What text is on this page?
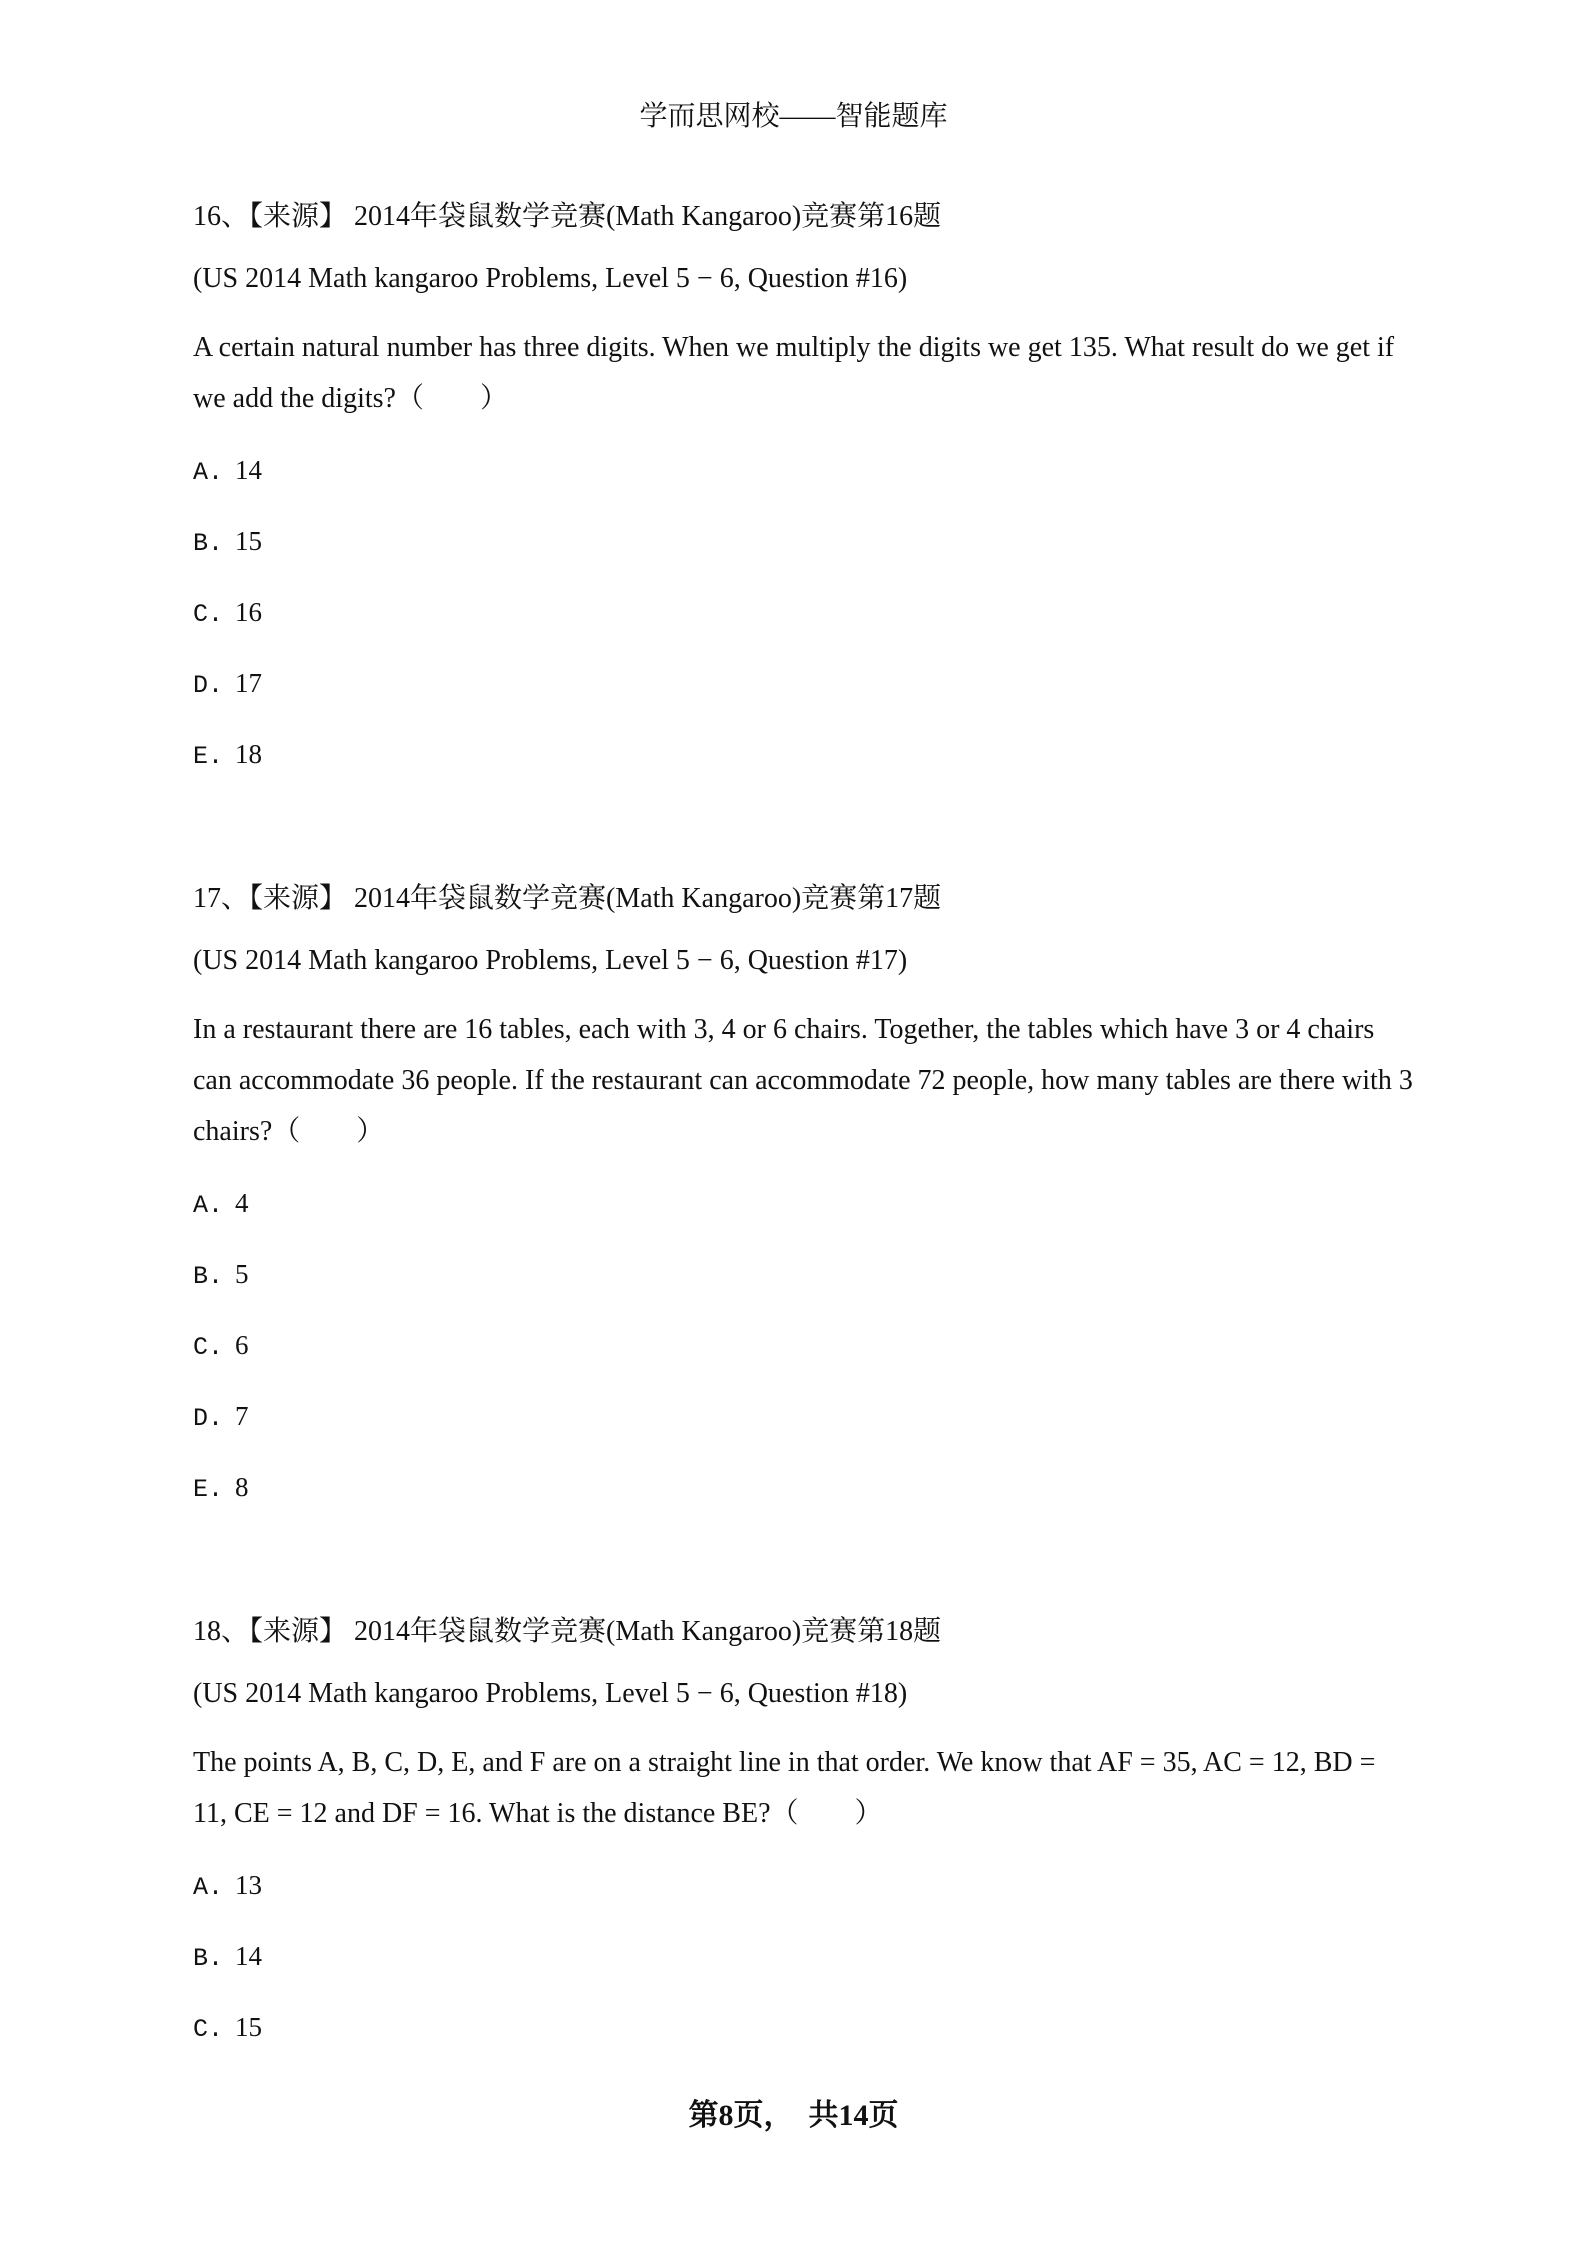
学而思网校——智能题库
16、【来源】 2014年袋鼠数学竞赛(Math Kangaroo)竞赛第16题
(US 2014 Math kangaroo Problems, Level 5 − 6, Question #16)
A certain natural number has three digits. When we multiply the digits we get 135. What result do we get if we add the digits?（　　）
A. 14
B. 15
C. 16
D. 17
E. 18
17、【来源】 2014年袋鼠数学竞赛(Math Kangaroo)竞赛第17题
(US 2014 Math kangaroo Problems, Level 5 − 6, Question #17)
In a restaurant there are 16 tables, each with 3, 4 or 6 chairs. Together, the tables which have 3 or 4 chairs can accommodate 36 people. If the restaurant can accommodate 72 people, how many tables are there with 3 chairs?（　　）
A. 4
B. 5
C. 6
D. 7
E. 8
18、【来源】 2014年袋鼠数学竞赛(Math Kangaroo)竞赛第18题
(US 2014 Math kangaroo Problems, Level 5 − 6, Question #18)
The points A, B, C, D, E, and F are on a straight line in that order. We know that AF = 35, AC = 12, BD = 11, CE = 12 and DF = 16. What is the distance BE?（　　）
A. 13
B. 14
C. 15
第8页，　共14页
